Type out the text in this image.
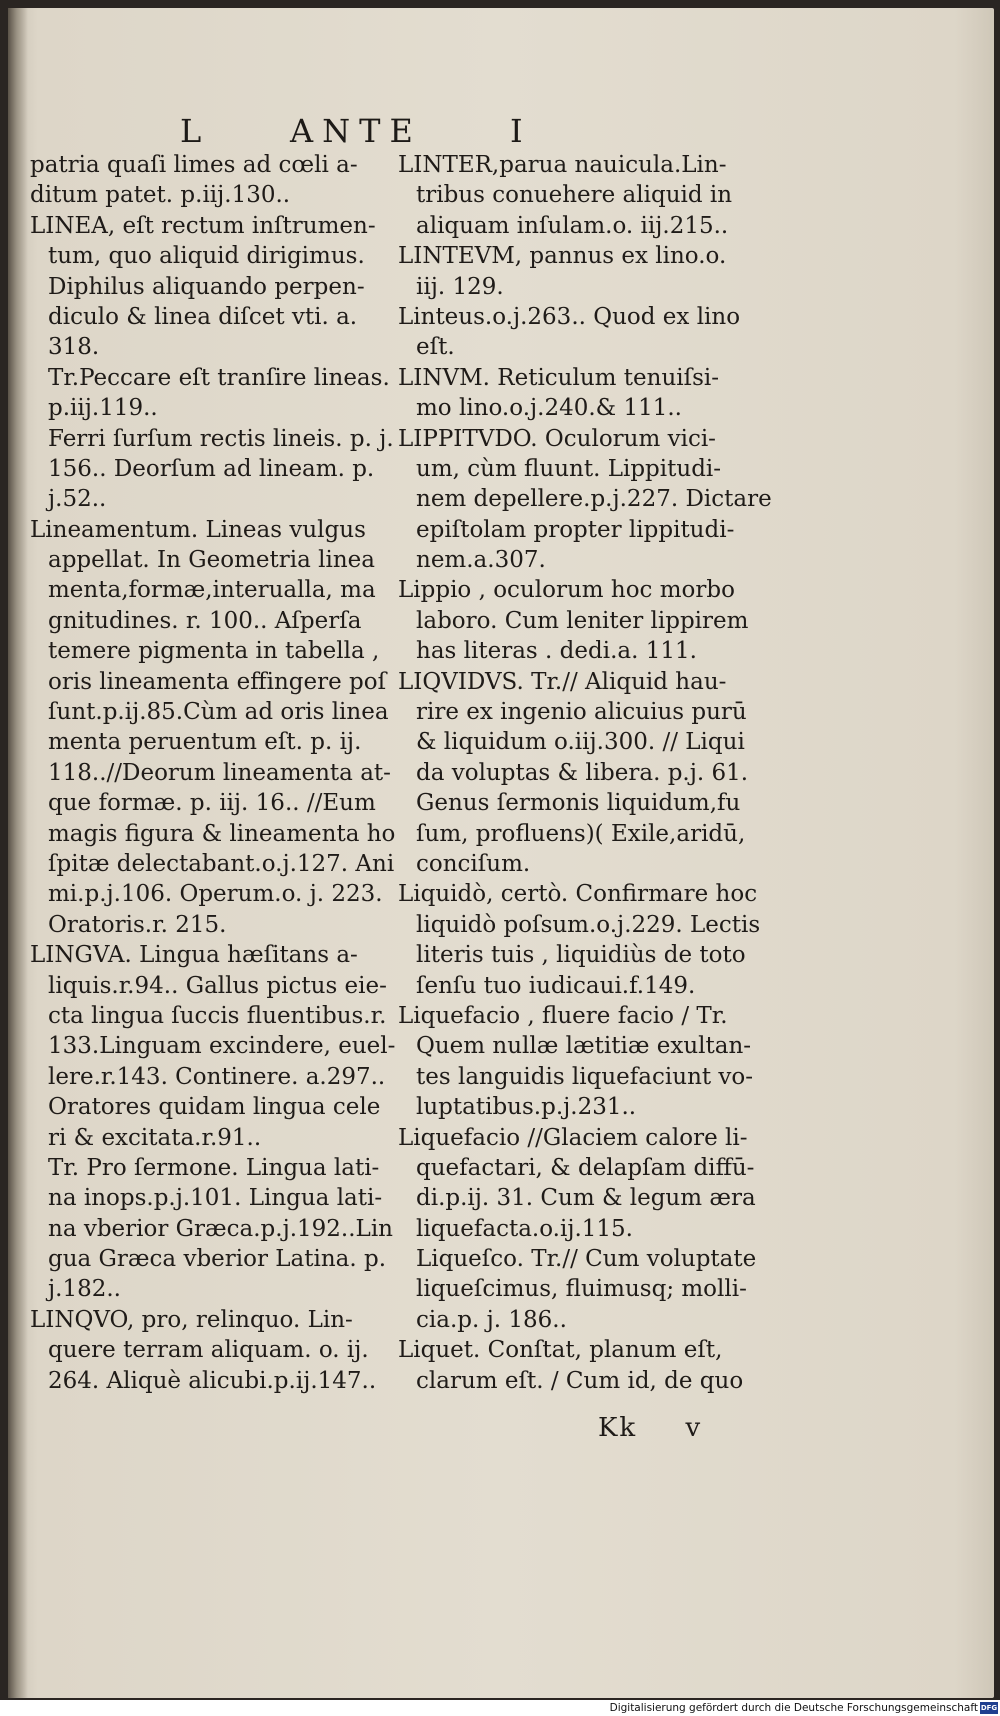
L	ANTE	I
patria quaſi limes ad cœli a-
ditum patet. p.iij.130..
LINEA, eſt rectum inſtrumen-
tum, quo aliquid dirigimus.
Diphilus aliquando perpen-
diculo & linea diſcet vti. a.
318.
Tr.Peccare eſt tranſire lineas.
p.iij.119..
Ferri ſurſum rectis lineis. p. j.
156.. Deorſum ad lineam. p.
j.52..
Lineamentum. Lineas vulgus
appellat. In Geometria linea
menta,formæ,interualla, ma
gnitudines. r. 100.. Aſperſa
temere pigmenta in tabella ,
oris lineamenta effingere poſ
ſunt.p.ij.85.Cùm ad oris linea
menta peruentum eſt. p. ij.
118..//Deorum lineamenta at-
que formæ. p. iij. 16.. //Eum
magis figura & lineamenta ho
ſpitæ delectabant.o.j.127. Ani
mi.p.j.106. Operum.o. j. 223.
Oratoris.r. 215.
LINGVA. Lingua hæſitans a-
liquis.r.94.. Gallus pictus eie-
cta lingua ſuccis fluentibus.r.
133.Linguam excindere, euel-
lere.r.143. Continere. a.297..
Oratores quidam lingua cele
ri & excitata.r.91..
Tr. Pro ſermone. Lingua lati-
na inops.p.j.101. Lingua lati-
na vberior Græca.p.j.192..Lin
gua Græca vberior Latina. p.
j.182..
LINQVO, pro, relinquo. Lin-
quere terram aliquam. o. ij.
264. Aliquè alicubi.p.ij.147..
LINTER,parua nauicula.Lin-
tribus conuehere aliquid in
aliquam inſulam.o. iij.215..
LINTEVM, pannus ex lino.o.
iij. 129.
Linteus.o.j.263.. Quod ex lino
eſt.
LINVM. Reticulum tenuiſsi-
mo lino.o.j.240.& 111..
LIPPITVDO. Oculorum vici-
um, cùm fluunt. Lippitudi-
nem depellere.p.j.227. Dictare
epiſtolam propter lippitudi-
nem.a.307.
Lippio , oculorum hoc morbo
laboro. Cum leniter lippirem
has literas . dedi.a. 111.
LIQVIDVS. Tr.// Aliquid hau-
rire ex ingenio alicuius purū
& liquidum o.iij.300. // Liqui
da voluptas & libera. p.j. 61.
Genus ſermonis liquidum,fu
ſum, profluens)( Exile,aridū,
conciſum.
Liquidò, certò. Confirmare hoc
liquidò poſsum.o.j.229. Lectis
literis tuis , liquidiùs de toto
ſenſu tuo iudicaui.f.149.
Liquefacio , fluere facio / Tr.
Quem nullæ lætitiæ exultan-
tes languidis liquefaciunt vo-
luptatibus.p.j.231..
Liquefacio //Glaciem calore li-
quefactari, & delapſam diffū-
di.p.ij. 31. Cum & legum æra
liquefacta.o.ij.115.
Liqueſco. Tr.// Cum voluptate
liqueſcimus, fluimusq; molli-
cia.p. j. 186..
Liquet. Conſtat, planum eſt,
clarum eſt. / Cum id, de quo
Kk v
Digitalisierung gefördert durch die Deutsche Forschungsgemeinschaft DFG
